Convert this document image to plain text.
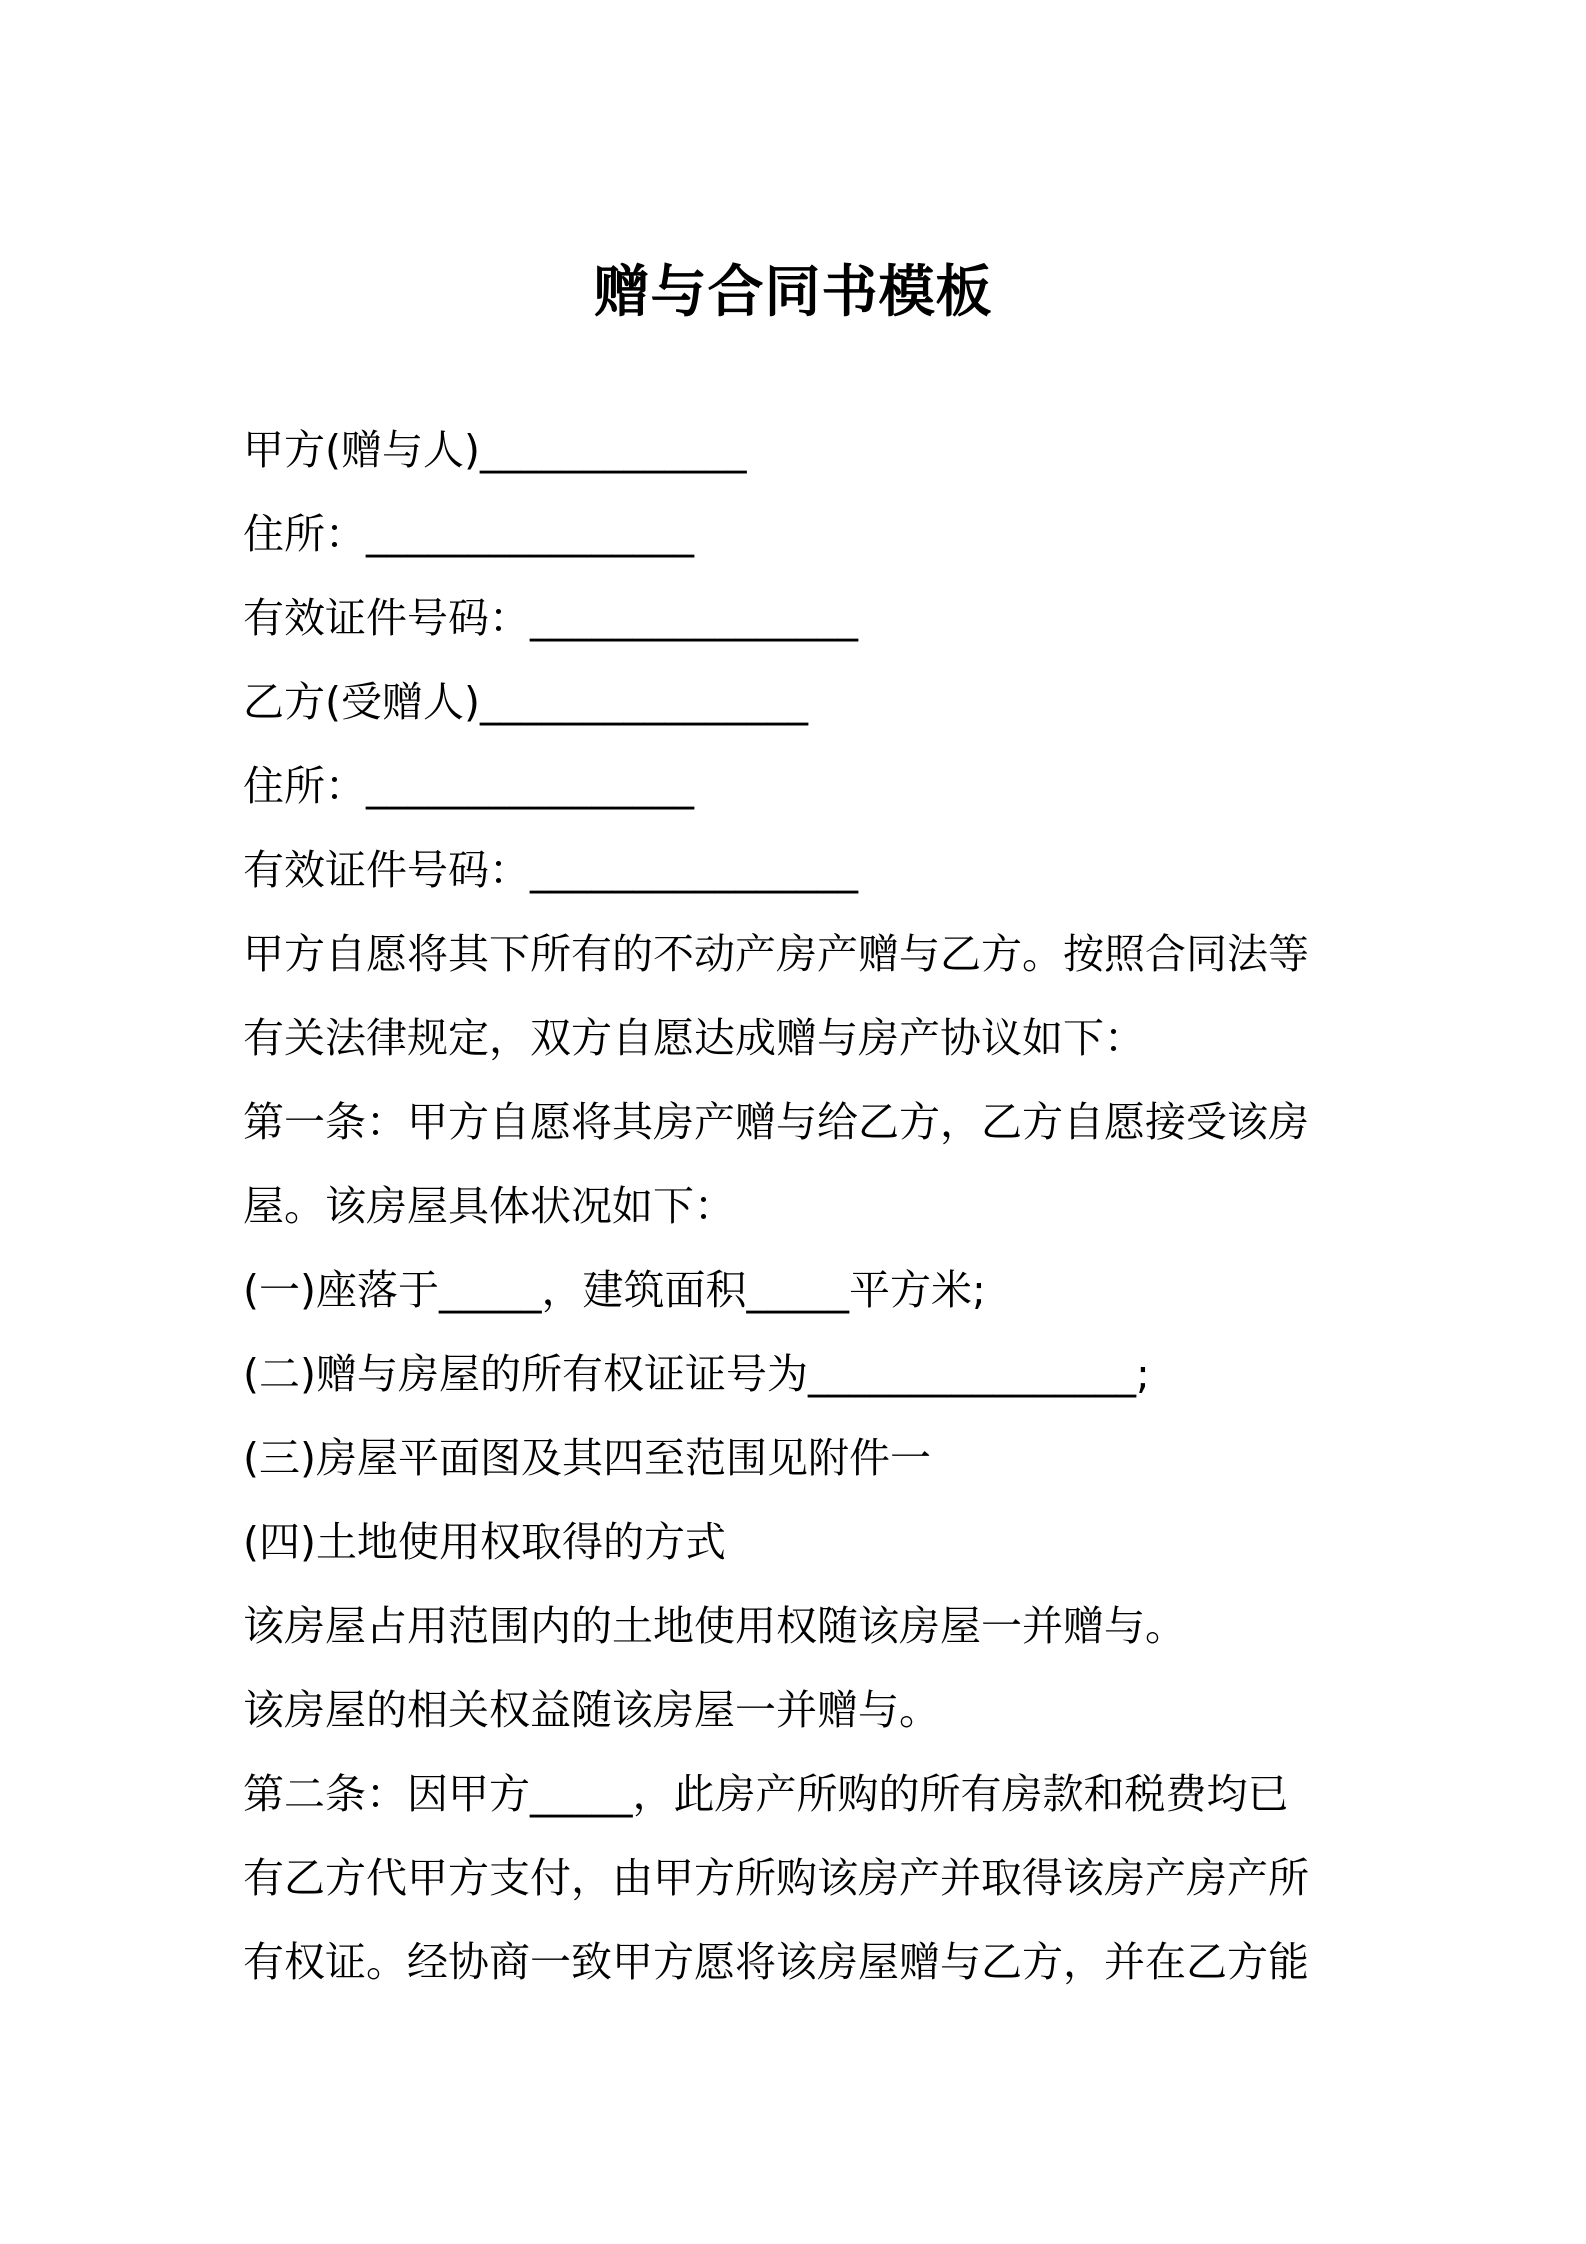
赠与合同书模板
甲方(赠与人)_____________
住所：________________
有效证件号码：________________
乙方(受赠人)________________
住所：________________
有效证件号码：________________
甲方自愿将其下所有的不动产房产赠与乙方。按照合同法等
有关法律规定，双方自愿达成赠与房产协议如下：
第一条：甲方自愿将其房产赠与给乙方，乙方自愿接受该房
屋。该房屋具体状况如下：
(一)座落于_____，建筑面积_____平方米;
(二)赠与房屋的所有权证证号为________________;
(三)房屋平面图及其四至范围见附件一
(四)土地使用权取得的方式
该房屋占用范围内的土地使用权随该房屋一并赠与。
该房屋的相关权益随该房屋一并赠与。
第二条：因甲方_____，此房产所购的所有房款和税费均已
有乙方代甲方支付，由甲方所购该房产并取得该房产房产所
有权证。经协商一致甲方愿将该房屋赠与乙方，并在乙方能
